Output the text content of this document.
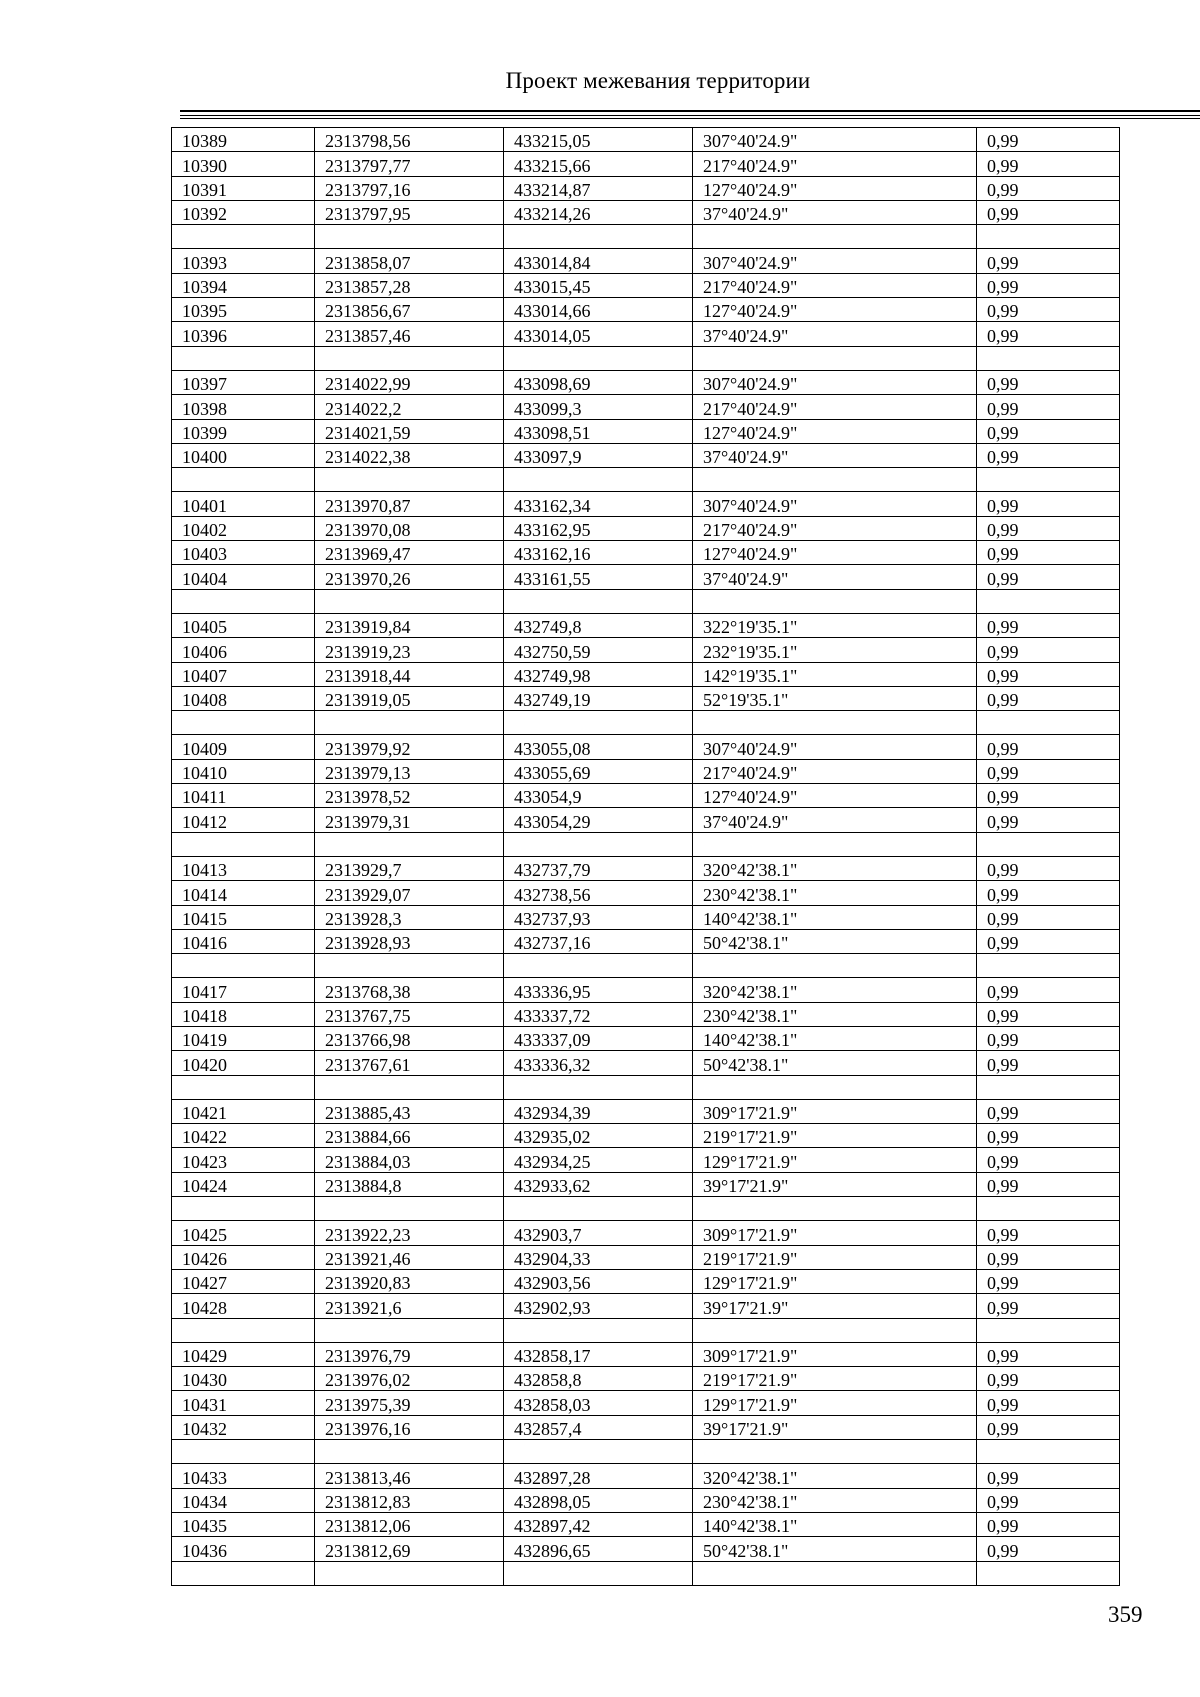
Проект межевания территории
10389	2313798,56	433215,05	307°40'24.9"	0,99
10390	2313797,77	433215,66	217°40'24.9"	0,99
10391	2313797,16	433214,87	127°40'24.9"	0,99
10392	2313797,95	433214,26	37°40'24.9"	0,99

10393	2313858,07	433014,84	307°40'24.9"	0,99
10394	2313857,28	433015,45	217°40'24.9"	0,99
10395	2313856,67	433014,66	127°40'24.9"	0,99
10396	2313857,46	433014,05	37°40'24.9"	0,99

10397	2314022,99	433098,69	307°40'24.9"	0,99
10398	2314022,2	433099,3	217°40'24.9"	0,99
10399	2314021,59	433098,51	127°40'24.9"	0,99
10400	2314022,38	433097,9	37°40'24.9"	0,99

10401	2313970,87	433162,34	307°40'24.9"	0,99
10402	2313970,08	433162,95	217°40'24.9"	0,99
10403	2313969,47	433162,16	127°40'24.9"	0,99
10404	2313970,26	433161,55	37°40'24.9"	0,99

10405	2313919,84	432749,8	322°19'35.1"	0,99
10406	2313919,23	432750,59	232°19'35.1"	0,99
10407	2313918,44	432749,98	142°19'35.1"	0,99
10408	2313919,05	432749,19	52°19'35.1"	0,99

10409	2313979,92	433055,08	307°40'24.9"	0,99
10410	2313979,13	433055,69	217°40'24.9"	0,99
10411	2313978,52	433054,9	127°40'24.9"	0,99
10412	2313979,31	433054,29	37°40'24.9"	0,99

10413	2313929,7	432737,79	320°42'38.1"	0,99
10414	2313929,07	432738,56	230°42'38.1"	0,99
10415	2313928,3	432737,93	140°42'38.1"	0,99
10416	2313928,93	432737,16	50°42'38.1"	0,99

10417	2313768,38	433336,95	320°42'38.1"	0,99
10418	2313767,75	433337,72	230°42'38.1"	0,99
10419	2313766,98	433337,09	140°42'38.1"	0,99
10420	2313767,61	433336,32	50°42'38.1"	0,99

10421	2313885,43	432934,39	309°17'21.9"	0,99
10422	2313884,66	432935,02	219°17'21.9"	0,99
10423	2313884,03	432934,25	129°17'21.9"	0,99
10424	2313884,8	432933,62	39°17'21.9"	0,99

10425	2313922,23	432903,7	309°17'21.9"	0,99
10426	2313921,46	432904,33	219°17'21.9"	0,99
10427	2313920,83	432903,56	129°17'21.9"	0,99
10428	2313921,6	432902,93	39°17'21.9"	0,99

10429	2313976,79	432858,17	309°17'21.9"	0,99
10430	2313976,02	432858,8	219°17'21.9"	0,99
10431	2313975,39	432858,03	129°17'21.9"	0,99
10432	2313976,16	432857,4	39°17'21.9"	0,99

10433	2313813,46	432897,28	320°42'38.1"	0,99
10434	2313812,83	432898,05	230°42'38.1"	0,99
10435	2313812,06	432897,42	140°42'38.1"	0,99
10436	2313812,69	432896,65	50°42'38.1"	0,99

359
